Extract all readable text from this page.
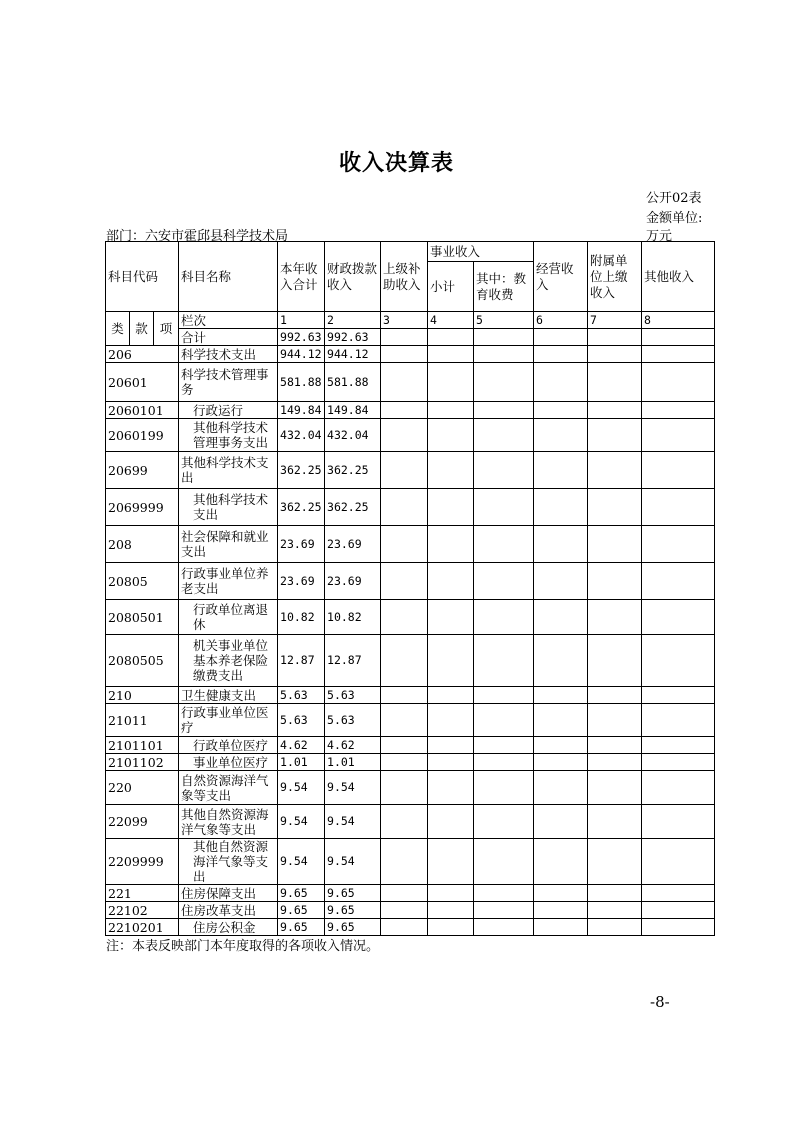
收入决算表
公开02表
金额单位:
万元
部门：六安市霍邱县科学技术局
科目代码			科目名称	本年收入合计	财政拨款收入	上级补助收入	事业收入		经营收入	附属单位上缴收入	其他收入
							小计	其中：教育收费			
类	款	项	栏次	1	2	3	4	5	6	7	8
			合计	992.63	992.63						
206			科学技术支出	944.12	944.12						
20601			科学技术管理事务	581.88	581.88						
2060101			行政运行	149.84	149.84						
2060199			其他科学技术管理事务支出	432.04	432.04						
20699			其他科学技术支出	362.25	362.25						
2069999			其他科学技术支出	362.25	362.25						
208			社会保障和就业支出	23.69	23.69						
20805			行政事业单位养老支出	23.69	23.69						
2080501			行政单位离退休	10.82	10.82						
2080505			机关事业单位基本养老保险缴费支出	12.87	12.87						
210			卫生健康支出	5.63	5.63						
21011			行政事业单位医疗	5.63	5.63						
2101101			行政单位医疗	4.62	4.62						
2101102			事业单位医疗	1.01	1.01						
220			自然资源海洋气象等支出	9.54	9.54						
22099			其他自然资源海洋气象等支出	9.54	9.54						
2209999			其他自然资源海洋气象等支出	9.54	9.54						
221			住房保障支出	9.65	9.65						
22102			住房改革支出	9.65	9.65						
2210201			住房公积金	9.65	9.65						
注：本表反映部门本年度取得的各项收入情况。
-8-
